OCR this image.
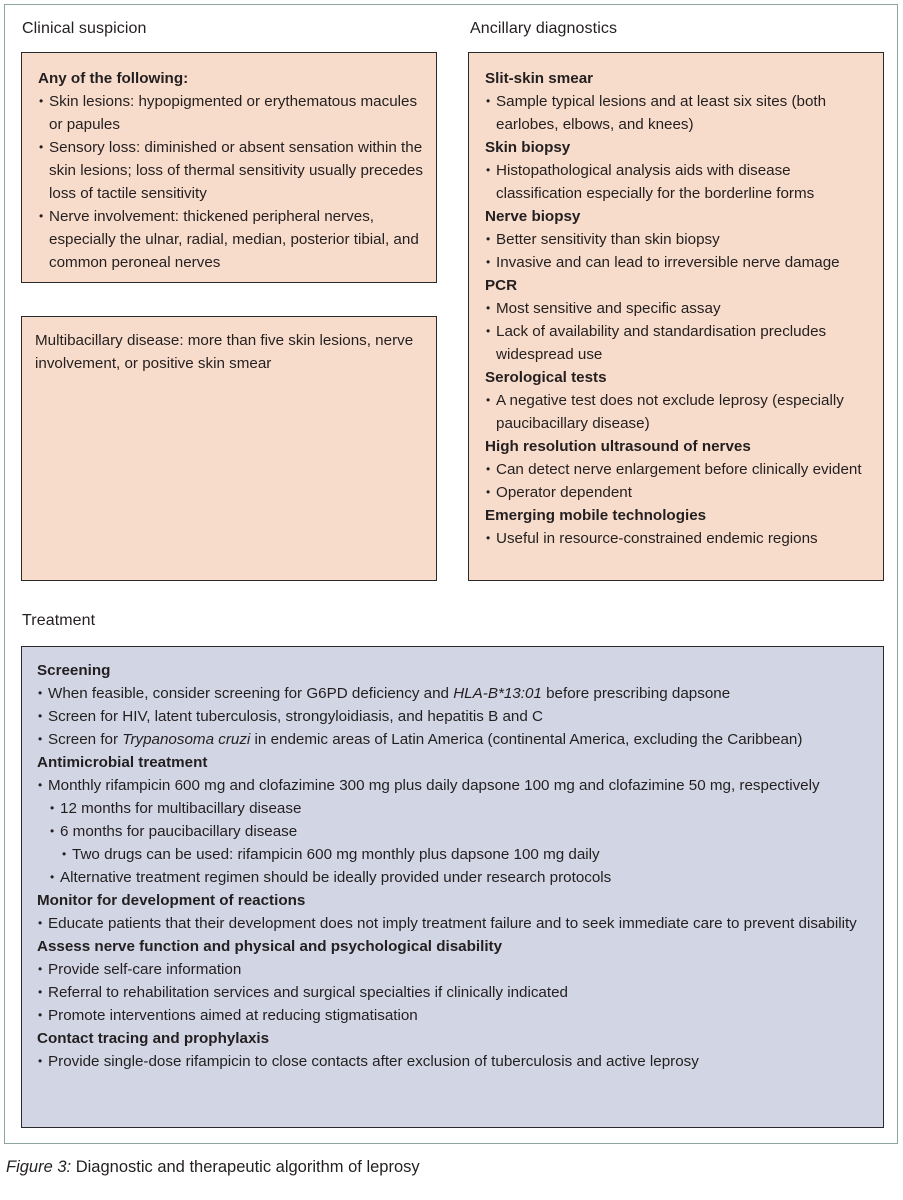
Clinical suspicion

Any of the following:

• Skin lesions: hypopigmented or erythematous macules or papules
• Sensory loss: diminished or absent sensation within the skin lesions; loss of thermal sensitivity usually precedes loss of tactile sensitivity
• Nerve involvement: thickened peripheral nerves, especially the ulnar, radial, median, posterior tibial, and common peroneal nerves

Multibacillary disease: more than five skin lesions, nerve involvement, or positive skin smear

Ancillary diagnostics

Slit-skin smear

• Sample typical lesions and at least six sites (both earlobes, elbows, and knees)

Skin biopsy

• Histopathological analysis aids with disease classification especially for the borderline forms

Nerve biopsy

• Better sensitivity than skin biopsy
• Invasive and can lead to irreversible nerve damage

PCR

• Most sensitive and specific assay
• Lack of availability and standardisation precludes widespread use

Serological tests

• A negative test does not exclude leprosy (especially paucibacillary disease)

High resolution ultrasound of nerves

• Can detect nerve enlargement before clinically evident
• Operator dependent

Emerging mobile technologies

• Useful in resource-constrained endemic regions
Treatment

Screening

• When feasible, consider screening for G6PD deficiency and HLA-B*13:01 before prescribing dapsone
• Screen for HIV, latent tuberculosis, strongyloidiasis, and hepatitis B and C
• Screen for Trypanosoma cruzi in endemic areas of Latin America (continental America, excluding the Caribbean)

Antimicrobial treatment

• Monthly rifampicin 600 mg and clofazimine 300 mg plus daily dapsone 100 mg and clofazimine 50 mg, respectively
• 12 months for multibacillary disease
• 6 months for paucibacillary disease
• Two drugs can be used: rifampicin 600 mg monthly plus dapsone 100 mg daily
• Alternative treatment regimen should be ideally provided under research protocols

Monitor for development of reactions

• Educate patients that their development does not imply treatment failure and to seek immediate care to prevent disability

Assess nerve function and physical and psychological disability

• Provide self-care information
• Referral to rehabilitation services and surgical specialties if clinically indicated
• Promote interventions aimed at reducing stigmatisation

Contact tracing and prophylaxis

• Provide single-dose rifampicin to close contacts after exclusion of tuberculosis and active leprosy

Figure 3: Diagnostic and therapeutic algorithm of leprosy
